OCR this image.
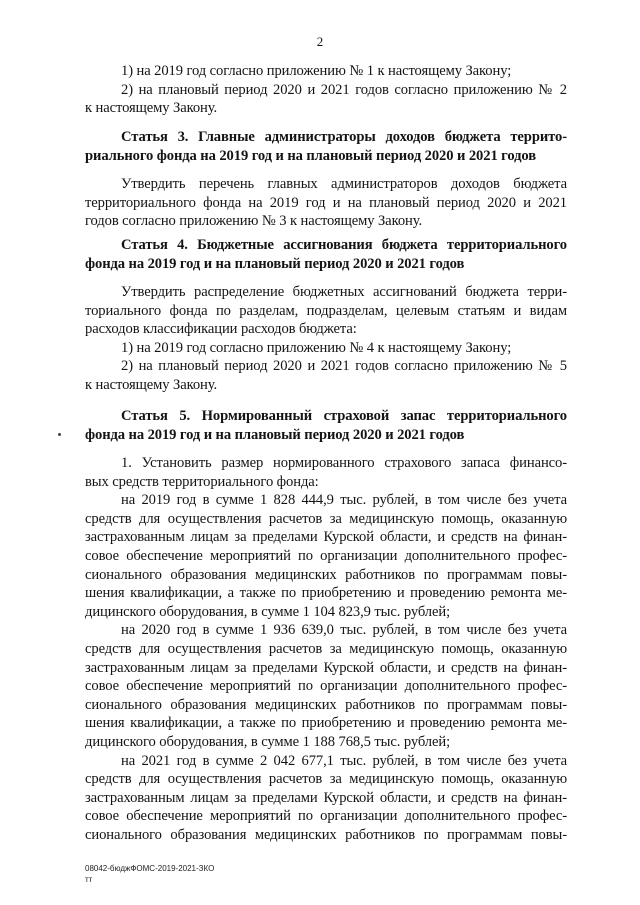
2
1) на 2019 год согласно приложению № 1 к настоящему Закону;
2) на плановый период 2020 и 2021 годов согласно приложению № 2
к настоящему Закону.
Статья 3. Главные администраторы доходов бюджета террито-
риального фонда на 2019 год и на плановый период 2020 и 2021 годов
Утвердить перечень главных администраторов доходов бюджета
территориального фонда на 2019 год и на плановый период 2020 и 2021
годов согласно приложению № 3 к настоящему Закону.
Статья 4. Бюджетные ассигнования бюджета территориального
фонда на 2019 год и на плановый период 2020 и 2021 годов
Утвердить распределение бюджетных ассигнований бюджета терри-
ториального фонда по разделам, подразделам, целевым статьям и видам
расходов классификации расходов бюджета:
1) на 2019 год согласно приложению № 4 к настоящему Закону;
2) на плановый период 2020 и 2021 годов согласно приложению № 5
к настоящему Закону.
Статья 5. Нормированный страховой запас территориального
фонда на 2019 год и на плановый период 2020 и 2021 годов
1. Установить размер нормированного страхового запаса финансо-
вых средств территориального фонда:
на 2019 год в сумме 1 828 444,9 тыс. рублей, в том числе без учета
средств для осуществления расчетов за медицинскую помощь, оказанную
застрахованным лицам за пределами Курской области, и средств на финан-
совое обеспечение мероприятий по организации дополнительного профес-
сионального образования медицинских работников по программам повы-
шения квалификации, а также по приобретению и проведению ремонта ме-
дицинского оборудования, в сумме 1 104 823,9 тыс. рублей;
на 2020 год в сумме 1 936 639,0 тыс. рублей, в том числе без учета
средств для осуществления расчетов за медицинскую помощь, оказанную
застрахованным лицам за пределами Курской области, и средств на финан-
совое обеспечение мероприятий по организации дополнительного профес-
сионального образования медицинских работников по программам повы-
шения квалификации, а также по приобретению и проведению ремонта ме-
дицинского оборудования, в сумме 1 188 768,5 тыс. рублей;
на 2021 год в сумме 2 042 677,1 тыс. рублей, в том числе без учета
средств для осуществления расчетов за медицинскую помощь, оказанную
застрахованным лицам за пределами Курской области, и средств на финан-
совое обеспечение мероприятий по организации дополнительного профес-
сионального образования медицинских работников по программам повы-
08042-бюджФОМС-2019-2021-ЗКО
тт
